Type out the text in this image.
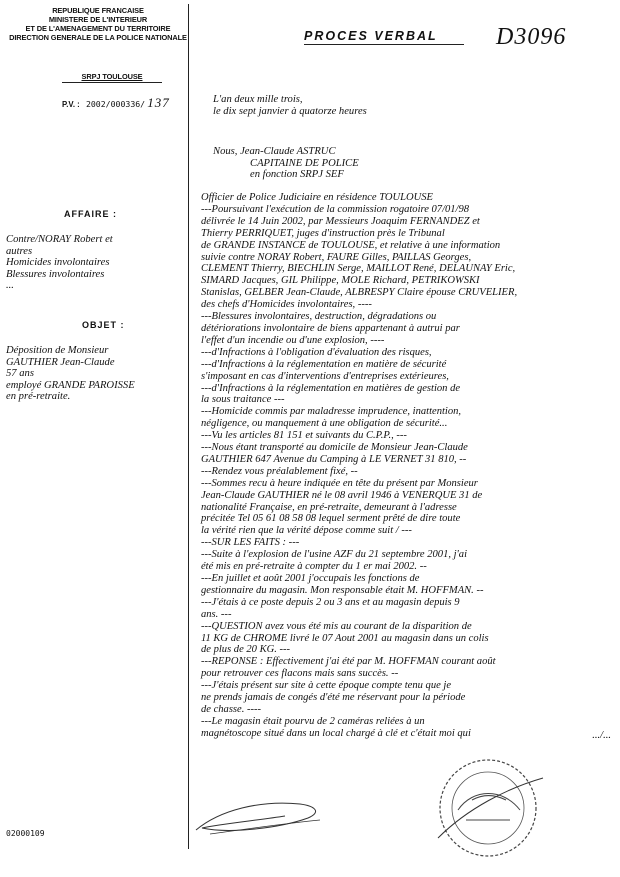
REPUBLIQUE FRANCAISE
MINISTERE DE L'INTERIEUR
ET DE L'AMENAGEMENT DU TERRITOIRE
DIRECTION GENERALE DE LA POLICE NATIONALE
SRPJ TOULOUSE
P.V. : 2002/000336/ 137
PROCES VERBAL D3096
L'an deux mille trois,
le dix sept janvier à quatorze heures
Nous, Jean-Claude ASTRUC
CAPITAINE DE POLICE
en fonction SRPJ SEF
AFFAIRE :
Contre/NORAY Robert et
autres
Homicides involontaires
Blessures involontaires
...
OBJET :
Déposition de Monsieur
GAUTHIER Jean-Claude
57 ans
employé GRANDE PAROISSE
en pré-retraite.
Officier de Police Judiciaire en résidence TOULOUSE
---Poursuivant l'exécution de la commission rogatoire 07/01/98
délivrée le 14 Juin 2002, par Messieurs Joaquim FERNANDEZ et
Thierry PERRIQUET, juges d'instruction près le Tribunal
de GRANDE INSTANCE de TOULOUSE, et relative à une information
suivie contre NORAY Robert, FAURE Gilles, PAILLAS Georges,
CLEMENT Thierry, BIECHLIN Serge, MAILLOT René, DELAUNAY Eric,
SIMARD Jacques, GIL Philippe, MOLE Richard, PETRIKOWSKI
Stanislas, GELBER Jean-Claude, ALBRESPY Claire épouse CRUVELIER,
des chefs d'Homicides involontaires, ----
---Blessures involontaires, destruction, dégradations ou
détériorations involontaire de biens appartenant à autrui par
l'effet d'un incendie ou d'une explosion, ----
---d'Infractions à l'obligation d'évaluation des risques,
---d'Infractions à la réglementation en matière de sécurité
s'imposant en cas d'interventions d'entreprises extérieures,
---d'Infractions à la réglementation en matières de gestion de
la sous traitance ---
---Homicide commis par maladresse imprudence, inattention,
négligence, ou manquement à une obligation de sécurité...
---Vu les articles 81 151 et suivants du C.P.P., ---
---Nous étant transporté au domicile de Monsieur Jean-Claude
GAUTHIER 647 Avenue du Camping à LE VERNET 31 810, --
---Rendez vous préalablement fixé, --
---Sommes recu à heure indiquée en tête du présent par Monsieur
Jean-Claude GAUTHIER né le 08 avril 1946 à VENERQUE 31 de
nationalité Française, en pré-retraite, demeurant à l'adresse
précitée Tel 05 61 08 58 08 lequel serment prêté de dire toute
la vérité rien que la vérité dépose comme suit / ---
---SUR LES FAITS : ---
---Suite à l'explosion de l'usine AZF du 21 septembre 2001, j'ai
été mis en pré-retraite à compter du 1 er mai 2002. --
---En juillet et août 2001 j'occupais les fonctions de
gestionnaire du magasin. Mon responsable était M. HOFFMAN. --
---J'étais à ce poste depuis 2 ou 3 ans et au magasin depuis 9
ans. ---
---QUESTION avez vous été mis au courant de la disparition de
11 KG de CHROME livré le 07 Aout 2001 au magasin dans un colis
de plus de 20 KG. ---
---REPONSE : Effectivement j'ai été par M. HOFFMAN courant août
pour retrouver ces flacons mais sans succès. --
---J'étais présent sur site à cette époque compte tenu que je
ne prends jamais de congés d'été me réservant pour la période
de chasse. ----
---Le magasin était pourvu de 2 caméras reliées à un
magnétoscope situé dans un local chargé à clé et c'était moi qui	.../...
02000109
